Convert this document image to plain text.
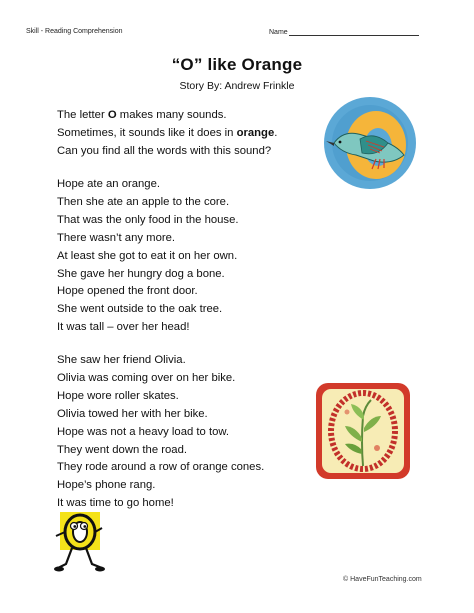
Skill - Reading Comprehension	Name
“O” like Orange
Story By: Andrew Frinkle
The letter O makes many sounds.
Sometimes, it sounds like it does in orange.
Can you find all the words with this sound?
Hope ate an orange.
Then she ate an apple to the core.
That was the only food in the house.
There wasn’t any more.
At least she got to eat it on her own.
She gave her hungry dog a bone.
Hope opened the front door.
She went outside to the oak tree.
It was tall – over her head!
She saw her friend Olivia.
Olivia was coming over on her bike.
Hope wore roller skates.
Olivia towed her with her bike.
Hope was not a heavy load to tow.
They went down the road.
They rode around a row of orange cones.
Hope’s phone rang.
It was time to go home!
© HaveFunTeaching.com
